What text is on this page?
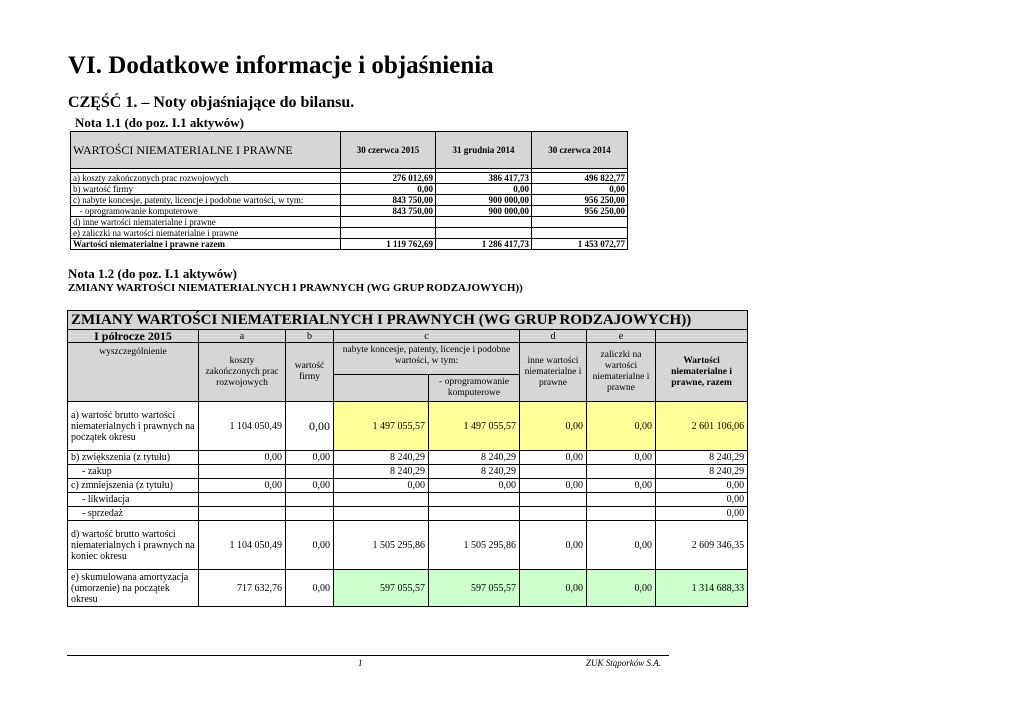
VI. Dodatkowe informacje i objaśnienia
CZĘŚĆ 1. – Noty objaśniające do bilansu.
Nota 1.1 (do poz. I.1 aktywów)
WARTOŚCI NIEMATERIALNE I PRAWNE	30 czerwca 2015	31 grudnia 2014	30 czerwca 2014

a) koszty zakończonych prac rozwojowych	276 012,69	386 417,73	496 822,77
b) wartość firmy	0,00	0,00	0,00
c) nabyte koncesje, patenty, licencje i podobne wartości, w tym:	843 750,00	900 000,00	956 250,00
- oprogramowanie komputerowe	843 750,00	900 000,00	956 250,00
d) inne wartości niematerialne i prawne			
e) zaliczki na wartości niematerialne i prawne			
Wartości niematerialne i prawne razem	1 119 762,69	1 286 417,73	1 453 072,77
Nota 1.2 (do poz. I.1 aktywów)
ZMIANY WARTOŚCI NIEMATERIALNYCH I PRAWNYCH (WG GRUP RODZAJOWYCH))
ZMIANY WARTOŚCI NIEMATERIALNYCH I PRAWNYCH (WG GRUP RODZAJOWYCH))							
I półrocze 2015	a	b	c		d	e	
wyszczególnienie	koszty zakończonych prac rozwojowych	wartość firmy	nabyte koncesje, patenty, licencje i podobne wartości, w tym:		inne wartości niematerialne i prawne	zaliczki na wartości niematerialne i prawne	Wartości niematerialne i prawne, razem
				- oprogramowanie komputerowe			
a) wartość brutto wartości niematerialnych i prawnych na początek okresu	1 104 050,49	0,00	1 497 055,57	1 497 055,57	0,00	0,00	2 601 106,06
b) zwiększenia (z tytułu)	0,00	0,00	8 240,29	8 240,29	0,00	0,00	8 240,29
- zakup			8 240,29	8 240,29			8 240,29
c) zmniejszenia (z tytułu)	0,00	0,00	0,00	0,00	0,00	0,00	0,00
- likwidacja							0,00
- sprzedaż							0,00
d) wartość brutto wartości niematerialnych i prawnych na koniec okresu	1 104 050,49	0,00	1 505 295,86	1 505 295,86	0,00	0,00	2 609 346,35
e) skumulowana amortyzacja (umorzenie) na początek okresu	717 632,76	0,00	597 055,57	597 055,57	0,00	0,00	1 314 688,33
1	ZUK Stąporków S.A.
